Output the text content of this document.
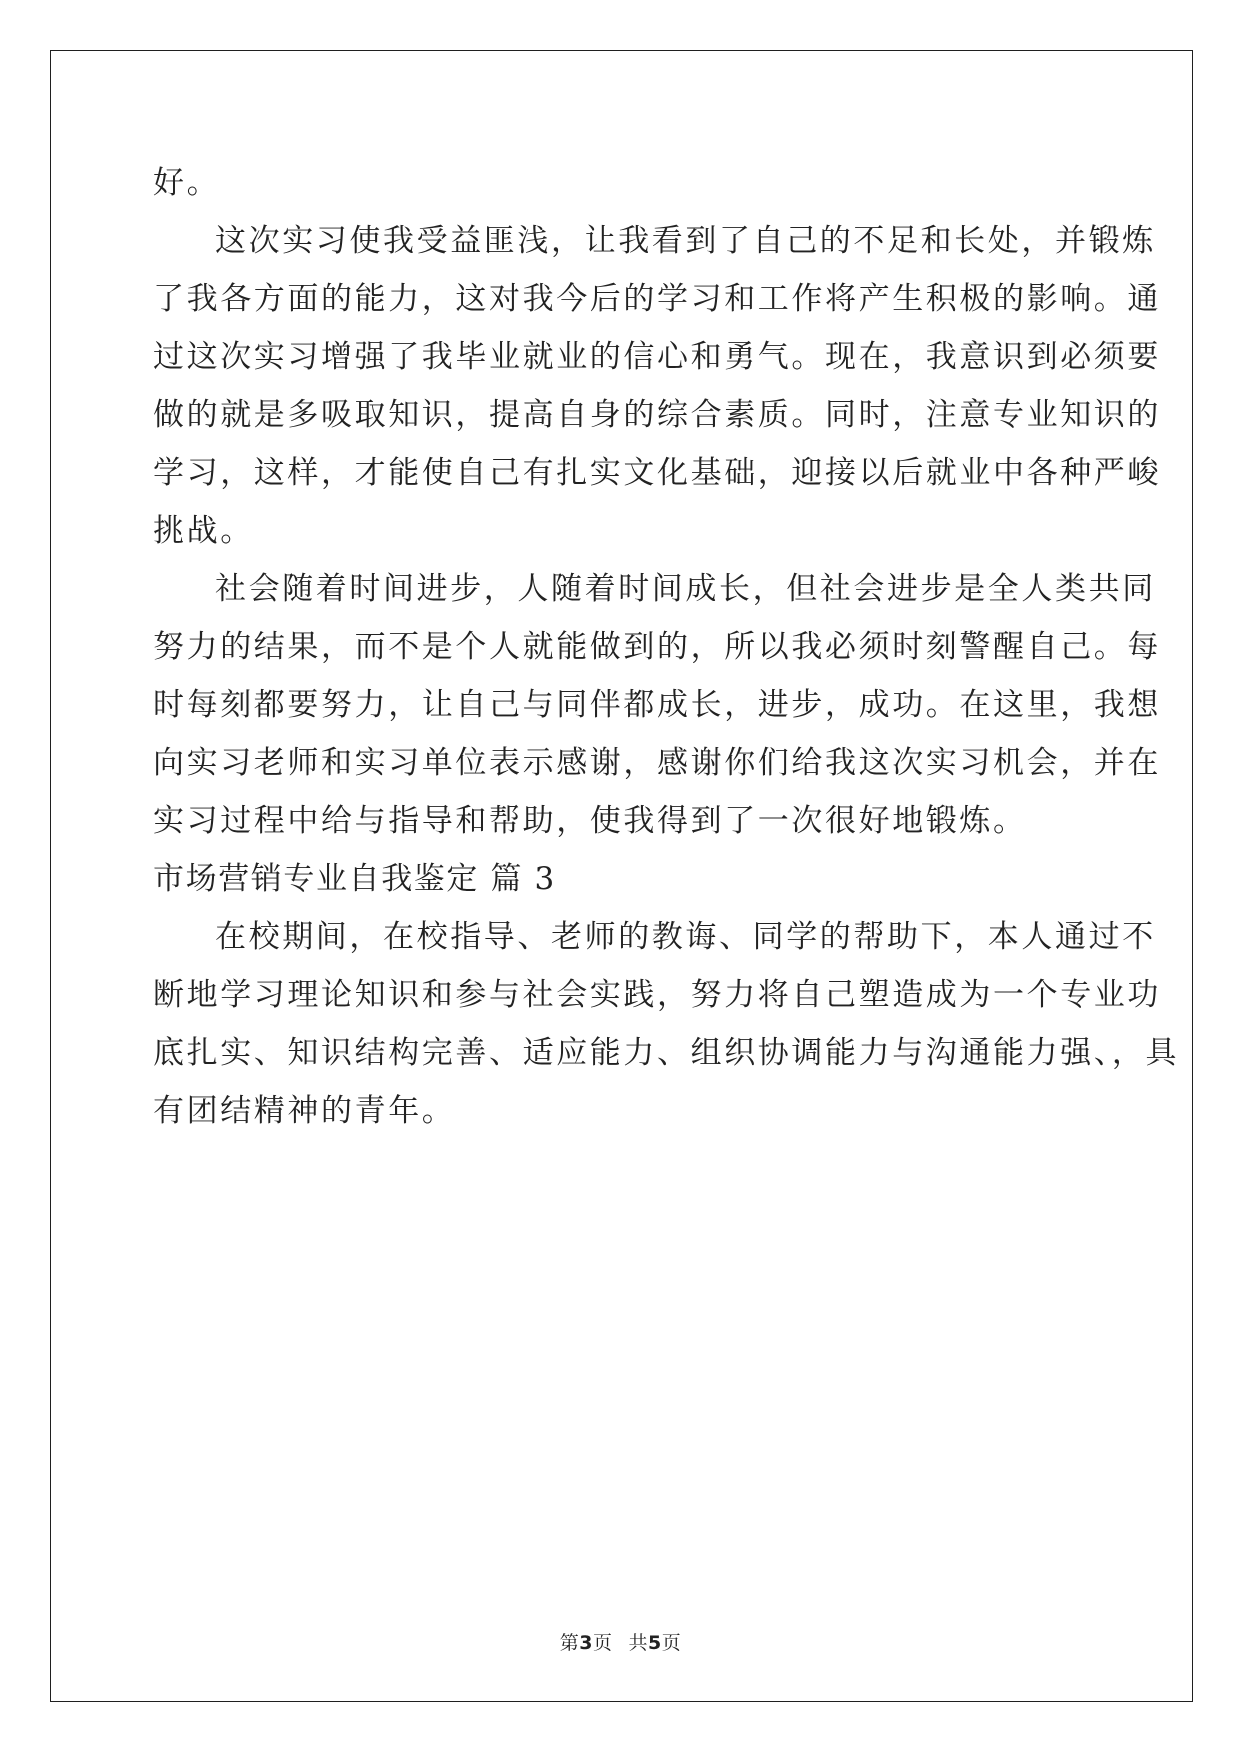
好。
这次实习使我受益匪浅，让我看到了自己的不足和长处，并锻炼
了我各方面的能力，这对我今后的学习和工作将产生积极的影响。通
过这次实习增强了我毕业就业的信心和勇气。现在，我意识到必须要
做的就是多吸取知识，提高自身的综合素质。同时，注意专业知识的
学习，这样，才能使自己有扎实文化基础，迎接以后就业中各种严峻
挑战。
社会随着时间进步，人随着时间成长，但社会进步是全人类共同
努力的结果，而不是个人就能做到的，所以我必须时刻警醒自己。每
时每刻都要努力，让自己与同伴都成长，进步，成功。在这里，我想
向实习老师和实习单位表示感谢，感谢你们给我这次实习机会，并在
实习过程中给与指导和帮助，使我得到了一次很好地锻炼。
市场营销专业自我鉴定 篇 3
在校期间，在校指导、老师的教诲、同学的帮助下，本人通过不
断地学习理论知识和参与社会实践，努力将自己塑造成为一个专业功
底扎实、知识结构完善、适应能力、组织协调能力与沟通能力强、，具
有团结精神的青年。
第3页 共5页
